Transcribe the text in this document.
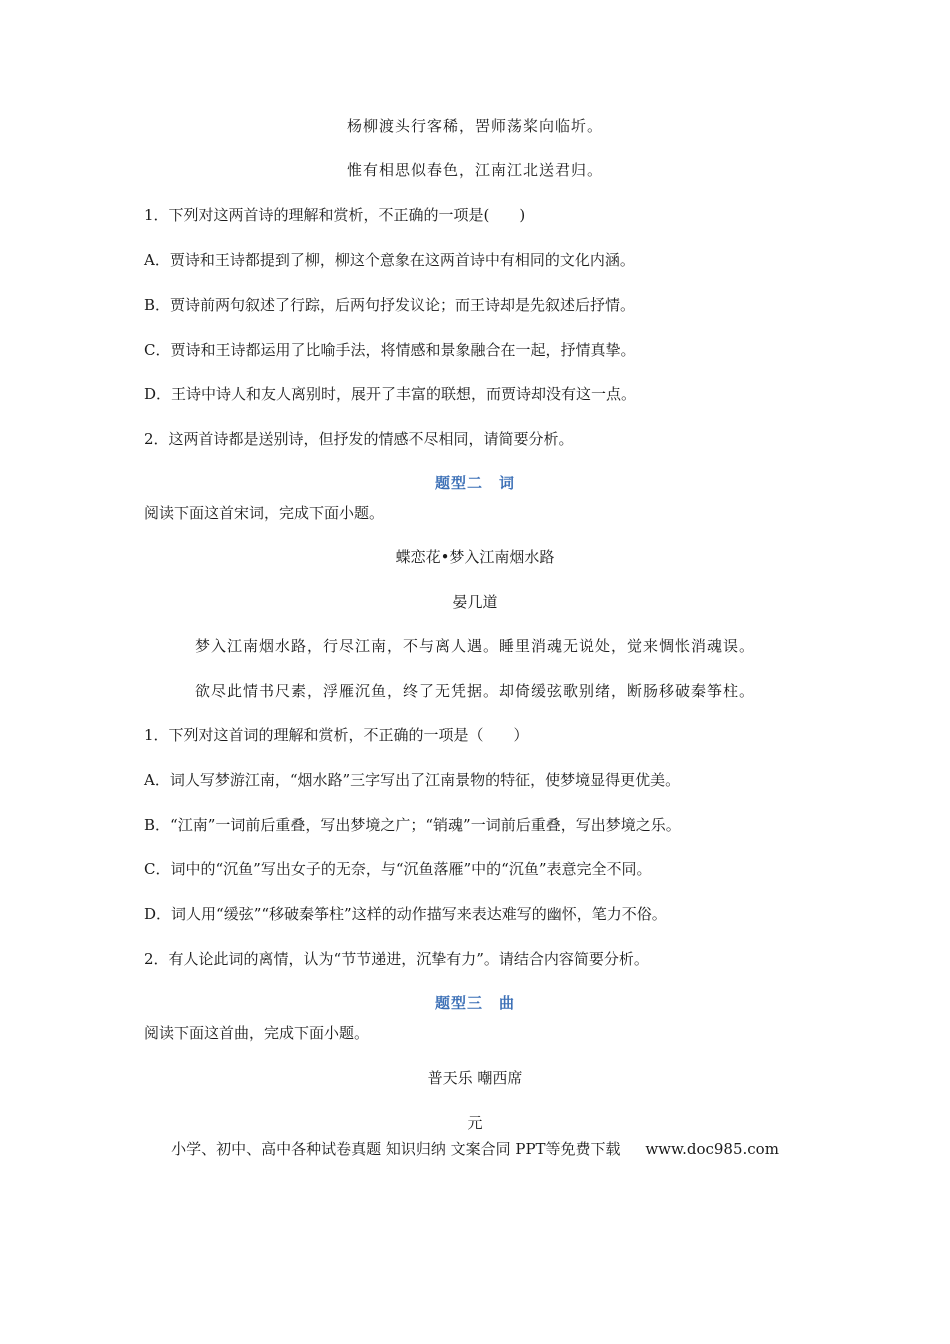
杨柳渡头行客稀，罟师荡桨向临圻。
惟有相思似春色，江南江北送君归。
1．下列对这两首诗的理解和赏析，不正确的一项是(　　)
A．贾诗和王诗都提到了柳，柳这个意象在这两首诗中有相同的文化内涵。
B．贾诗前两句叙述了行踪，后两句抒发议论；而王诗却是先叙述后抒情。
C．贾诗和王诗都运用了比喻手法，将情感和景象融合在一起，抒情真挚。
D．王诗中诗人和友人离别时，展开了丰富的联想，而贾诗却没有这一点。
2．这两首诗都是送别诗，但抒发的情感不尽相同，请简要分析。
题型二　词
阅读下面这首宋词，完成下面小题。
蝶恋花•梦入江南烟水路
晏几道
梦入江南烟水路，行尽江南，不与离人遇。睡里消魂无说处，觉来惆怅消魂误。
欲尽此情书尺素，浮雁沉鱼，终了无凭据。却倚缓弦歌别绪，断肠移破秦筝柱。
1．下列对这首词的理解和赏析，不正确的一项是（　　）
A．词人写梦游江南，“烟水路”三字写出了江南景物的特征，使梦境显得更优美。
B．“江南”一词前后重叠，写出梦境之广；“销魂”一词前后重叠，写出梦境之乐。
C．词中的“沉鱼”写出女子的无奈，与“沉鱼落雁”中的“沉鱼”表意完全不同。
D．词人用“缓弦”“移破秦筝柱”这样的动作描写来表达难写的幽怀，笔力不俗。
2．有人论此词的离情，认为“节节递进，沉挚有力”。请结合内容简要分析。
题型三　曲
阅读下面这首曲，完成下面小题。
普天乐 嘲西席
元
小学、初中、高中各种试卷真题 知识归纳 文案合同 PPT等免费下载 www.doc985.com
